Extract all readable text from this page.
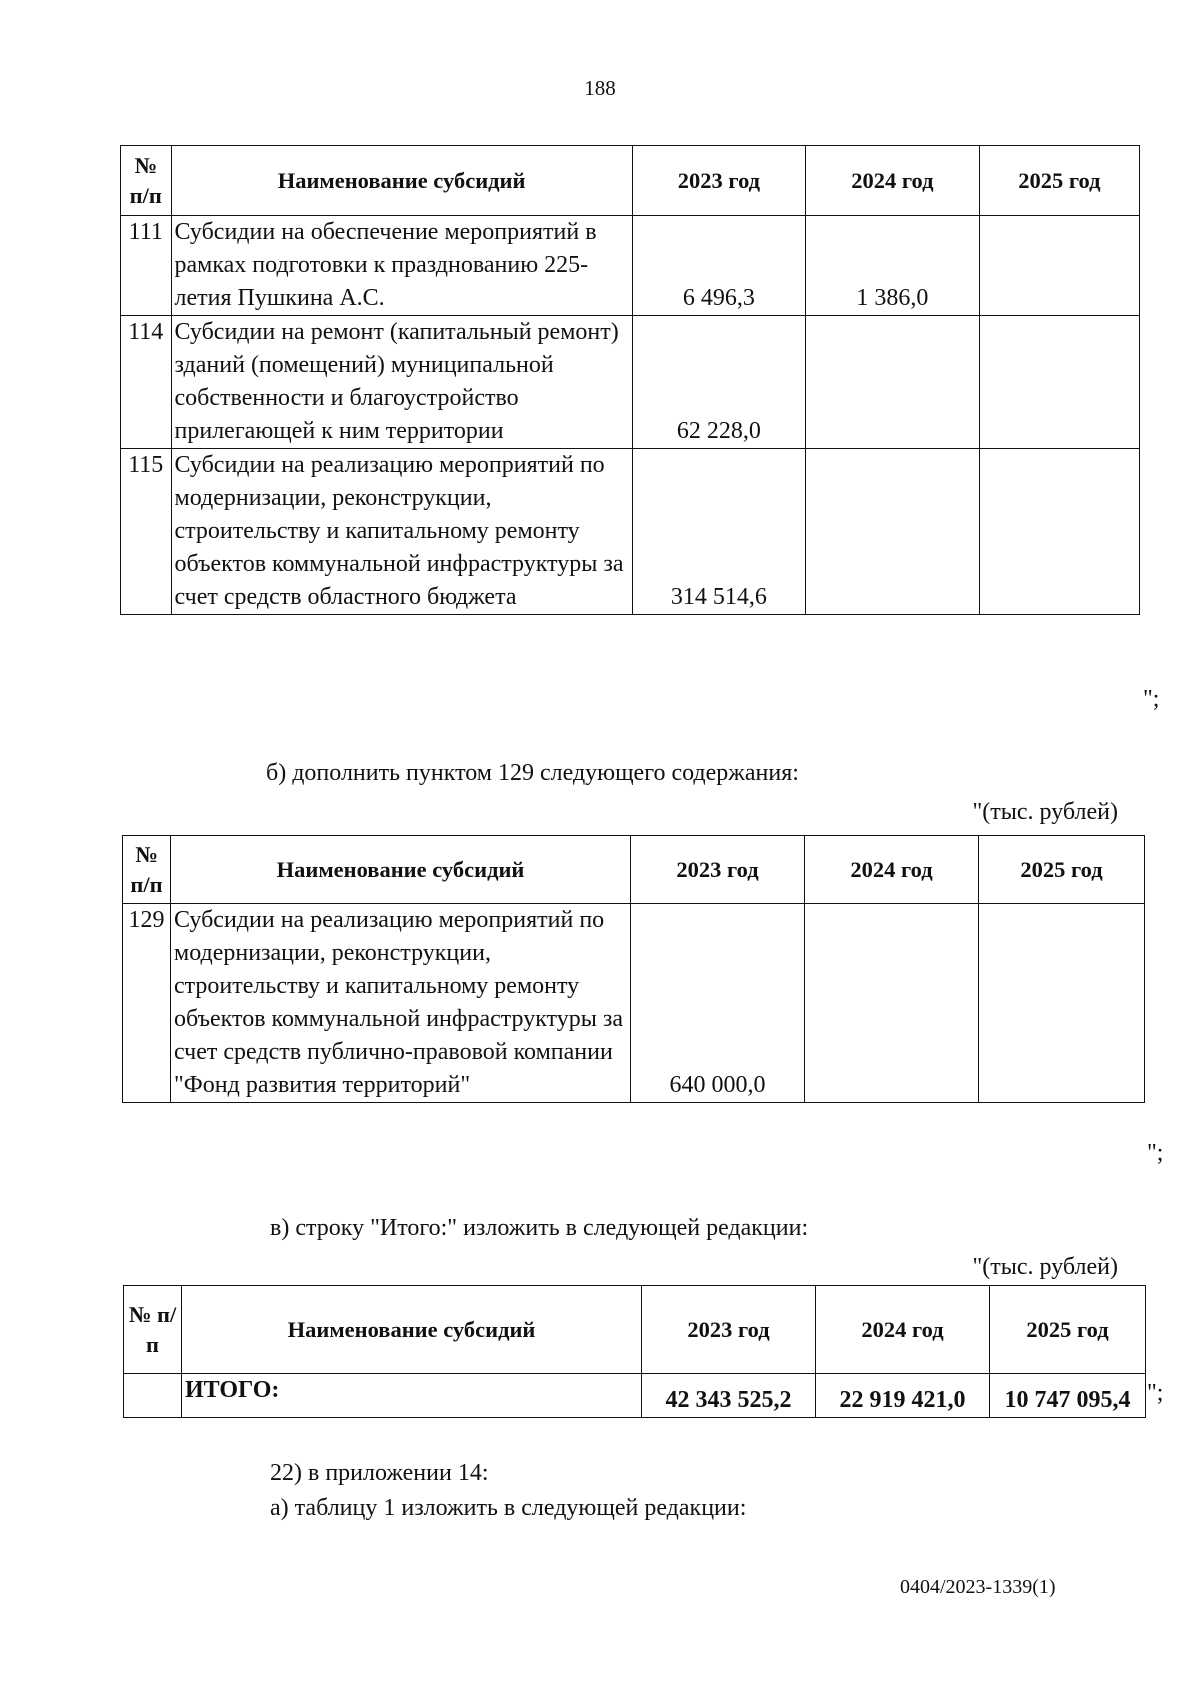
188
№ п/п	Наименование субсидий	2023 год	2024 год	2025 год
111	Субсидии на обеспечение мероприятий в рамках подготовки к празднованию 225-летия Пушкина А.С.	6 496,3	1 386,0	
114	Субсидии на ремонт (капитальный ремонт) зданий (помещений) муниципальной собственности и благоустройство прилегающей к ним территории	62 228,0		
115	Субсидии на реализацию мероприятий по модернизации, реконструкции, строительству и капитальному ремонту объектов коммунальной инфраструктуры за счет средств областного бюджета	314 514,6		
";
б) дополнить пунктом 129 следующего содержания:
"(тыс. рублей)
№ п/п	Наименование субсидий	2023 год	2024 год	2025 год
129	Субсидии на реализацию мероприятий по модернизации, реконструкции, строительству и капитальному ремонту объектов коммунальной инфраструктуры за счет средств публично-правовой компании "Фонд развития территорий"	640 000,0		
";
в) строку "Итого:" изложить в следующей редакции:
"(тыс. рублей)
№ п/п	Наименование субсидий	2023 год	2024 год	2025 год
	ИТОГО:	42 343 525,2	22 919 421,0	10 747 095,4 ";
22) в приложении 14:
а) таблицу 1 изложить в следующей редакции:
0404/2023-1339(1)
